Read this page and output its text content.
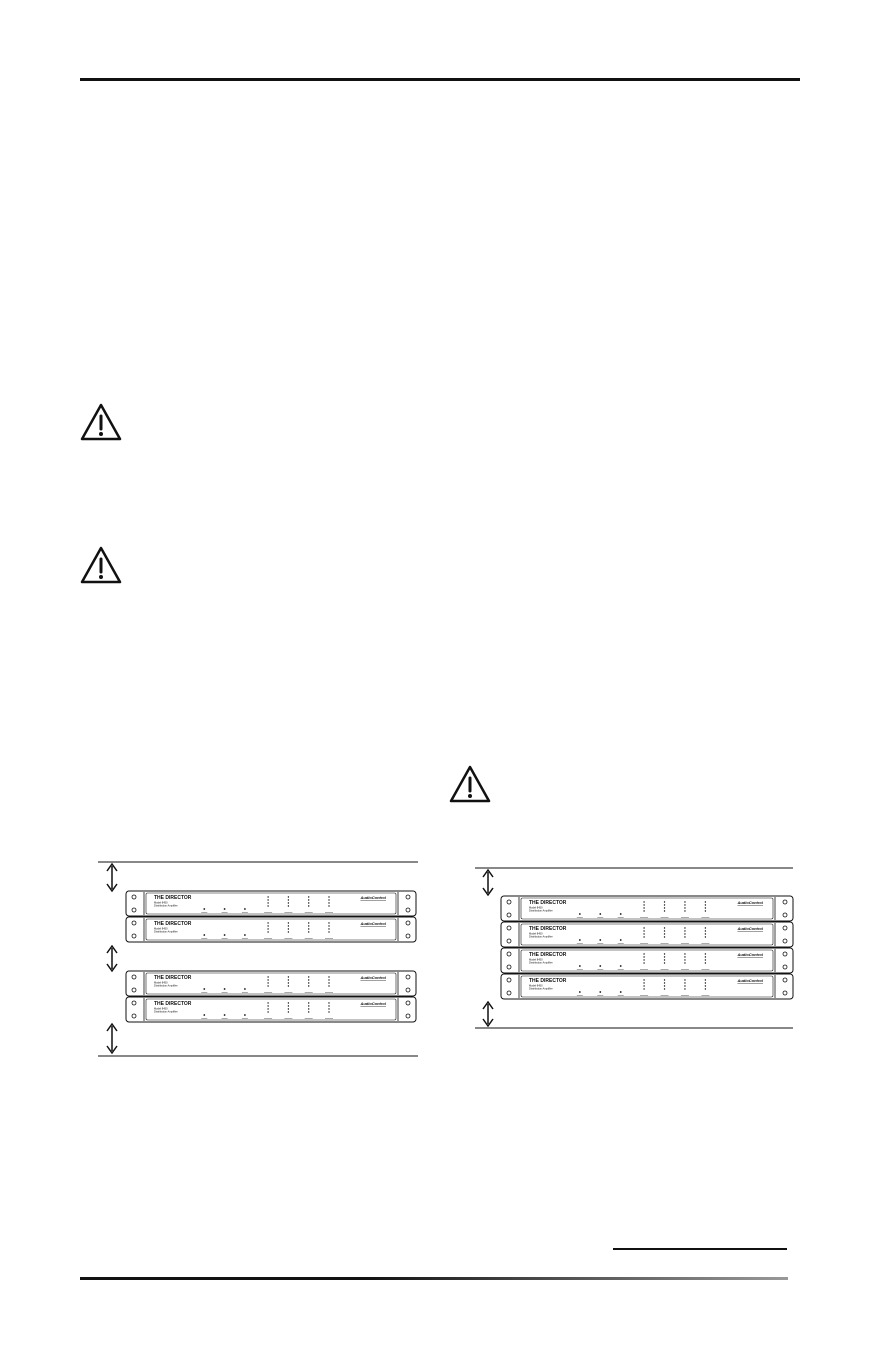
THE DIRECTOR
Model 8450
Distribution Amplifier
AudioControl
THE DIRECTOR
Model 8450
Distribution Amplifier
AudioControl
THE DIRECTOR
Model 8450
Distribution Amplifier
AudioControl
THE DIRECTOR
Model 8450
Distribution Amplifier
AudioControl
THE DIRECTOR
Model 8450
Distribution Amplifier
AudioControl
THE DIRECTOR
Model 8450
Distribution Amplifier
AudioControl
THE DIRECTOR
Model 8450
Distribution Amplifier
AudioControl
THE DIRECTOR
Model 8450
Distribution Amplifier
AudioControl
